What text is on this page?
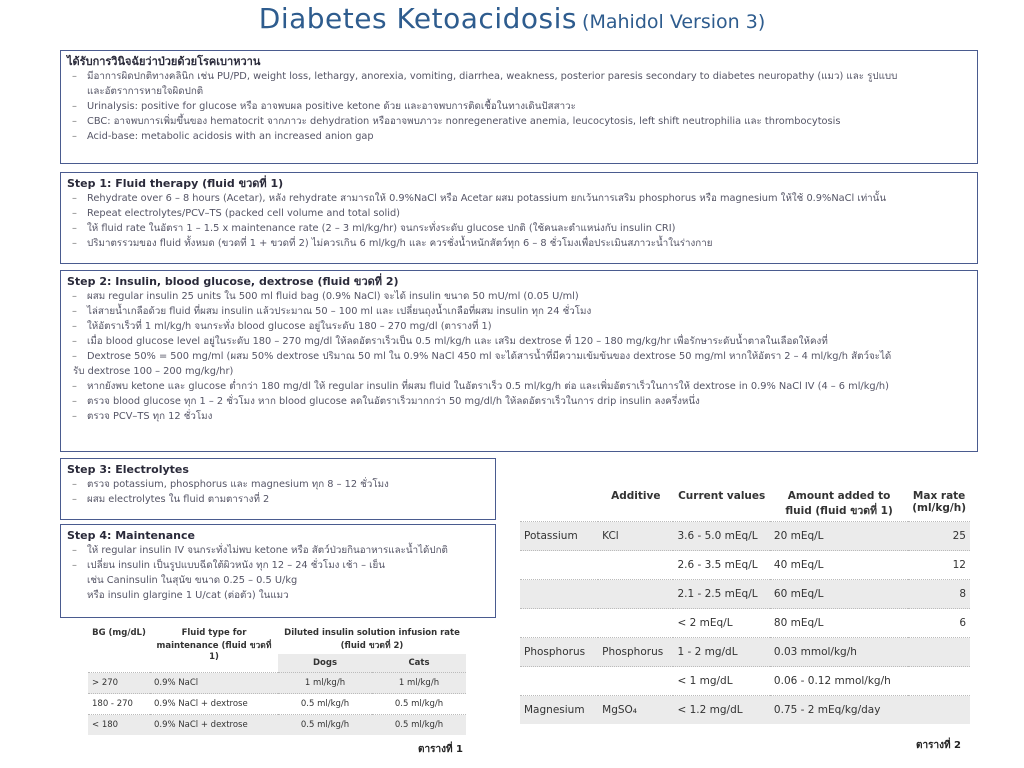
Diabetes Ketoacidosis (Mahidol Version 3)
ได้รับการวินิจฉัยว่าป่วยด้วยโรคเบาหวาน
– มีอาการผิดปกติทางคลินิก เช่น PU/PD, weight loss, lethargy, anorexia, vomiting, diarrhea, weakness, posterior paresis secondary to diabetes neuropathy (แมว) และ รูปแบบ
และอัตราการหายใจผิดปกติ
– Urinalysis: positive for glucose หรือ อาจพบผล positive ketone ด้วย และอาจพบการติดเชื้อในทางเดินปัสสาวะ
– CBC: อาจพบการเพิ่มขึ้นของ hematocrit จากภาวะ dehydration หรืออาจพบภาวะ nonregenerative anemia, leucocytosis, left shift neutrophilia และ thrombocytosis
– Acid-base: metabolic acidosis with an increased anion gap
Step 1: Fluid therapy (fluid ขวดที่ 1)
– Rehydrate over 6 – 8 hours (Acetar), หลัง rehydrate สามารถให้ 0.9%NaCl หรือ Acetar ผสม potassium ยกเว้นการเสริม phosphorus หรือ magnesium ให้ใช้ 0.9%NaCl เท่านั้น
– Repeat electrolytes/PCV–TS (packed cell volume and total solid)
– ให้ fluid rate ในอัตรา 1 – 1.5 x maintenance rate (2 – 3 ml/kg/hr) จนกระทั่งระดับ glucose ปกติ (ใช้คนละตำแหน่งกับ insulin CRI)
– ปริมาตรรวมของ fluid ทั้งหมด (ขวดที่ 1 + ขวดที่ 2) ไม่ควรเกิน 6 ml/kg/h และ ควรชั่งน้ำหนักสัตว์ทุก 6 – 8 ชั่วโมงเพื่อประเมินสภาวะน้ำในร่างกาย
Step 2: Insulin, blood glucose, dextrose (fluid ขวดที่ 2)
– ผสม regular insulin 25 units ใน 500 ml fluid bag (0.9% NaCl) จะได้ insulin ขนาด 50 mU/ml (0.05 U/ml)
– ไล่สายน้ำเกลือด้วย fluid ที่ผสม insulin แล้วประมาณ 50 – 100 ml และ เปลี่ยนถุงน้ำเกลือที่ผสม insulin ทุก 24 ชั่วโมง
– ให้อัตราเร็วที่ 1 ml/kg/h จนกระทั่ง blood glucose อยู่ในระดับ 180 – 270 mg/dl (ตารางที่ 1)
– เมื่อ blood glucose level อยู่ในระดับ 180 – 270 mg/dl ให้ลดอัตราเร็วเป็น 0.5 ml/kg/h และ เสริม dextrose ที่ 120 – 180 mg/kg/hr เพื่อรักษาระดับน้ำตาลในเลือดให้คงที่
– Dextrose 50% = 500 mg/ml (ผสม 50% dextrose ปริมาณ 50 ml ใน 0.9% NaCl 450 ml จะได้สารน้ำที่มีความเข้มข้นของ dextrose 50 mg/ml หากให้อัตรา 2 – 4 ml/kg/h สัตว์จะได้
รับ dextrose 100 – 200 mg/kg/hr)
– หากยังพบ ketone และ glucose ต่ำกว่า 180 mg/dl ให้ regular insulin ที่ผสม fluid ในอัตราเร็ว 0.5 ml/kg/h ต่อ และเพิ่มอัตราเร็วในการให้ dextrose in 0.9% NaCl IV (4 – 6 ml/kg/h)
– ตรวจ blood glucose ทุก 1 – 2 ชั่วโมง หาก blood glucose ลดในอัตราเร็วมากกว่า 50 mg/dl/h ให้ลดอัตราเร็วในการ drip insulin ลงครึ่งหนึ่ง
– ตรวจ PCV–TS ทุก 12 ชั่วโมง
Step 3: Electrolytes
– ตรวจ potassium, phosphorus และ magnesium ทุก 8 – 12 ชั่วโมง
– ผสม electrolytes ใน fluid ตามตารางที่ 2
Step 4: Maintenance
– ให้ regular insulin IV จนกระทั่งไม่พบ ketone หรือ สัตว์ป่วยกินอาหารและน้ำได้ปกติ
– เปลี่ยน insulin เป็นรูปแบบฉีดใต้ผิวหนัง ทุก 12 – 24 ชั่วโมง เช้า – เย็น
เช่น Caninsulin ในสุนัข ขนาด 0.25 – 0.5 U/kg
หรือ insulin glargine 1 U/cat (ต่อตัว) ในแมว
BG (mg/dL)	Fluid type for maintenance (fluid ขวดที่ 1)	Diluted insulin solution infusion rate (fluid ขวดที่ 2)	
		Dogs	Cats
> 270	0.9% NaCl	1 ml/kg/h	1 ml/kg/h
180 - 270	0.9% NaCl + dextrose	0.5 ml/kg/h	0.5 ml/kg/h
< 180	0.9% NaCl + dextrose	0.5 ml/kg/h	0.5 ml/kg/h
ตารางที่ 1
	Additive	Current values	Amount added to fluid (fluid ขวดที่ 1)	Max rate (ml/kg/h)
Potassium	KCl	3.6 - 5.0 mEq/L	20 mEq/L	25
		2.6 - 3.5 mEq/L	40 mEq/L	12
		2.1 - 2.5 mEq/L	60 mEq/L	8
		< 2 mEq/L	80 mEq/L	6
Phosphorus	Phosphorus	1 - 2 mg/dL	0.03 mmol/kg/h	
		< 1 mg/dL	0.06 - 0.12 mmol/kg/h	
Magnesium	MgSO₄	< 1.2 mg/dL	0.75 - 2 mEq/kg/day	
ตารางที่ 2
